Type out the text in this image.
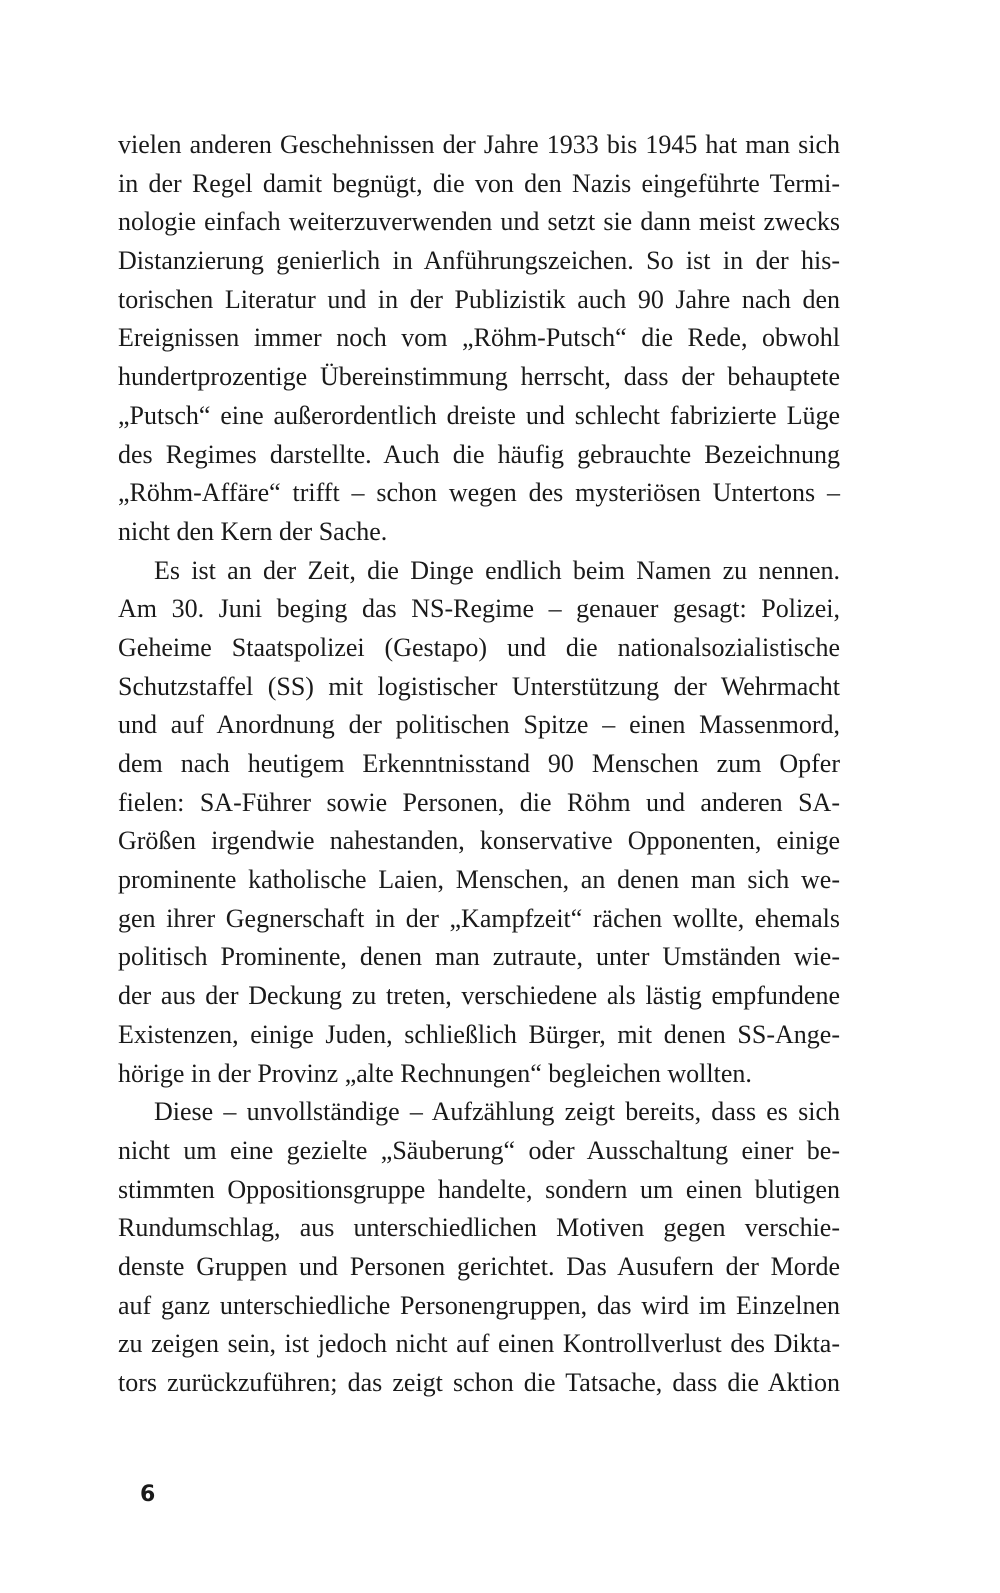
vielen anderen Geschehnissen der Jahre 1933 bis 1945 hat man sich
in der Regel damit begnügt, die von den Nazis eingeführte Termi-
nologie einfach weiterzuverwenden und setzt sie dann meist zwecks
Distanzierung genierlich in Anführungszeichen. So ist in der his-
torischen Literatur und in der Publizistik auch 90 Jahre nach den
Ereignissen immer noch vom „Röhm-Putsch“ die Rede, obwohl
hundertprozentige Übereinstimmung herrscht, dass der behauptete
„Putsch“ eine außerordentlich dreiste und schlecht fabrizierte Lüge
des Regimes darstellte. Auch die häufig gebrauchte Bezeichnung
„Röhm-Affäre“ trifft – schon wegen des mysteriösen Untertons –
nicht den Kern der Sache.
Es ist an der Zeit, die Dinge endlich beim Namen zu nennen.
Am 30. Juni beging das NS-Regime – genauer gesagt: Polizei,
Geheime Staatspolizei (Gestapo) und die nationalsozialistische
Schutzstaffel (SS) mit logistischer Unterstützung der Wehrmacht
und auf Anordnung der politischen Spitze – einen Massenmord,
dem nach heutigem Erkenntnisstand 90 Menschen zum Opfer
fielen: SA-Führer sowie Personen, die Röhm und anderen SA-
Größen irgendwie nahestanden, konservative Opponenten, einige
prominente katholische Laien, Menschen, an denen man sich we-
gen ihrer Gegnerschaft in der „Kampfzeit“ rächen wollte, ehemals
politisch Prominente, denen man zutraute, unter Umständen wie-
der aus der Deckung zu treten, verschiedene als lästig empfundene
Existenzen, einige Juden, schließlich Bürger, mit denen SS-Ange-
hörige in der Provinz „alte Rechnungen“ begleichen wollten.
Diese – unvollständige – Aufzählung zeigt bereits, dass es sich
nicht um eine gezielte „Säuberung“ oder Ausschaltung einer be-
stimmten Oppositionsgruppe handelte, sondern um einen blutigen
Rundumschlag, aus unterschiedlichen Motiven gegen verschie-
denste Gruppen und Personen gerichtet. Das Ausufern der Morde
auf ganz unterschiedliche Personengruppen, das wird im Einzelnen
zu zeigen sein, ist jedoch nicht auf einen Kontrollverlust des Dikta-
tors zurückzuführen; das zeigt schon die Tatsache, dass die Aktion
6
